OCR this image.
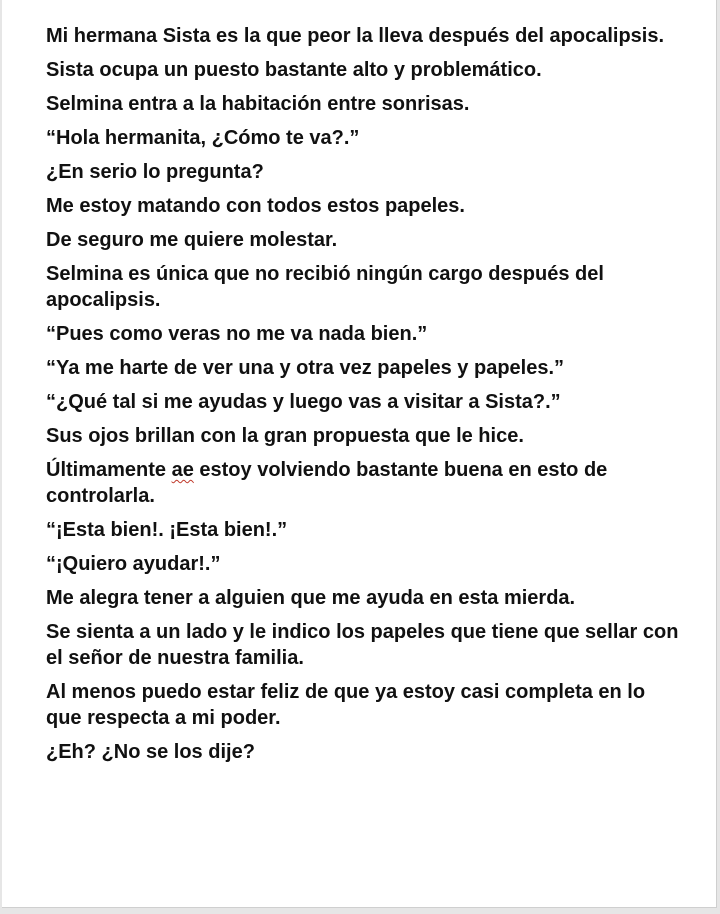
Mi hermana Sista es la que peor la lleva después del apocalipsis.

Sista ocupa un puesto bastante alto y problemático.

Selmina entra a la habitación entre sonrisas.

“Hola hermanita, ¿Cómo te va?.”

¿En serio lo pregunta?

Me estoy matando con todos estos papeles.

De seguro me quiere molestar.

Selmina es única que no recibió ningún cargo después del apocalipsis.

“Pues como veras no me va nada bien.”

“Ya me harte de ver una y otra vez papeles y papeles.”

“¿Qué tal si me ayudas y luego vas a visitar a Sista?.”

Sus ojos brillan con la gran propuesta que le hice.

Últimamente ae estoy volviendo bastante buena en esto de controlarla.

“¡Esta bien!. ¡Esta bien!.”

“¡Quiero ayudar!.”

Me alegra tener a alguien que me ayuda en esta mierda.

Se sienta a un lado y le indico los papeles que tiene que sellar con el señor de nuestra familia.

Al menos puedo estar feliz de que ya estoy casi completa en lo que respecta a mi poder.

¿Eh? ¿No se los dije?
